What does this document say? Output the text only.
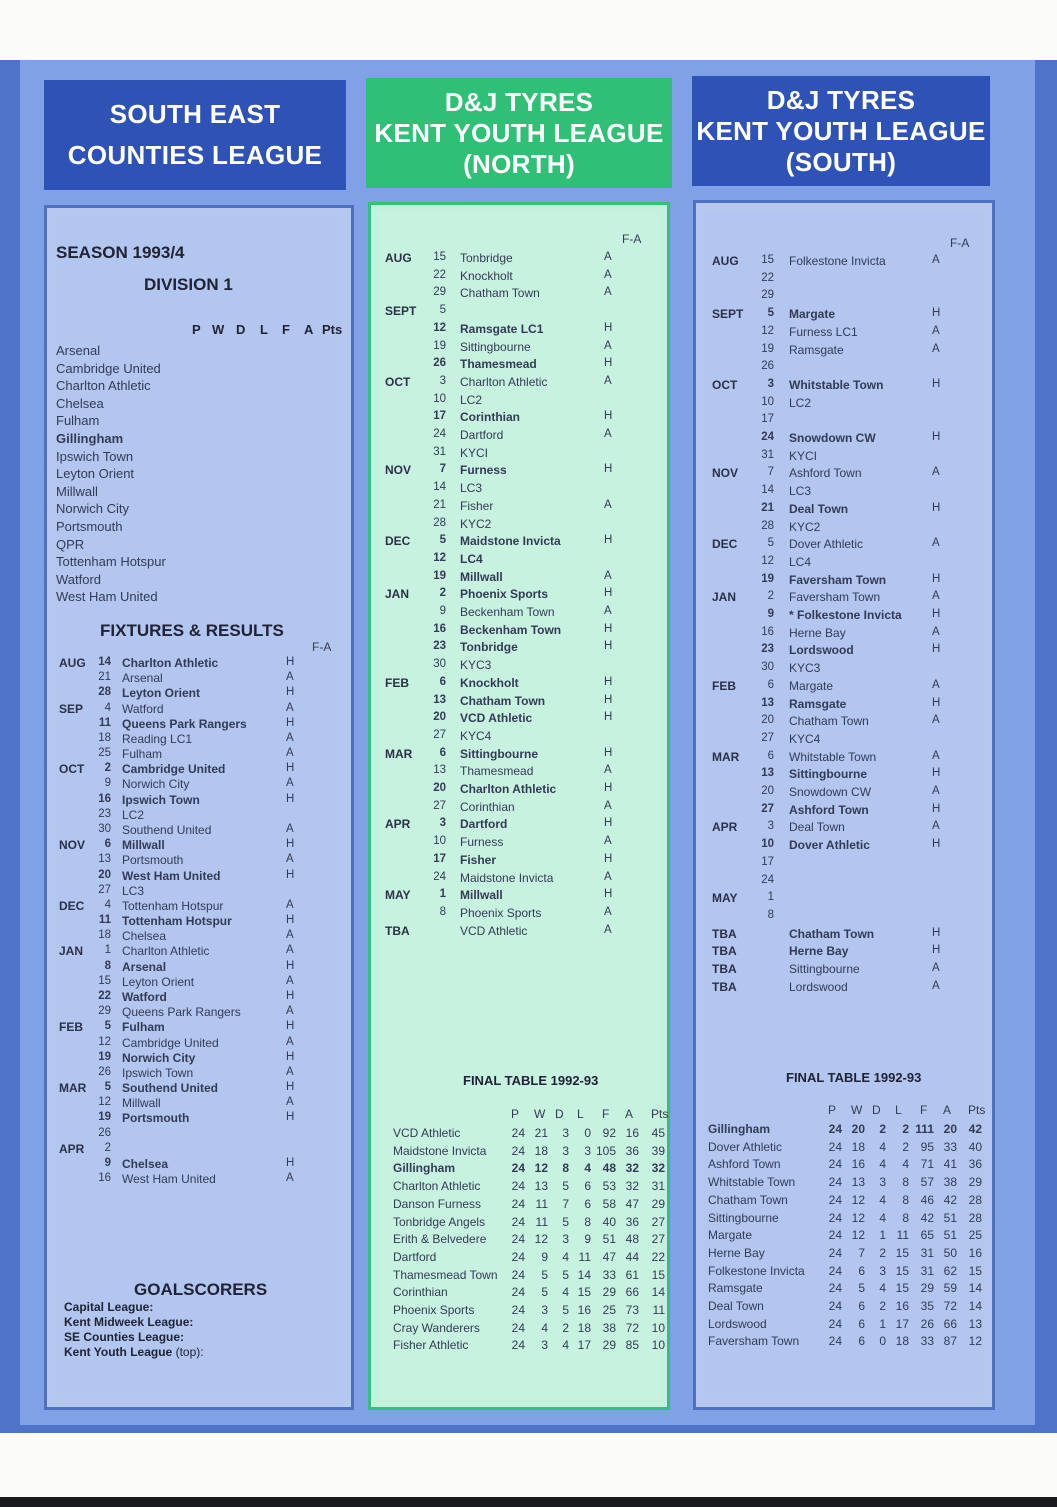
SOUTH EAST
COUNTIES LEAGUE
D&J TYRES
KENT YOUTH LEAGUE
(NORTH)
D&J TYRES
KENT YOUTH LEAGUE
(SOUTH)
SEASON 1993/4
DIVISION 1
P W D L F A Pts
Arsenal
Cambridge United
Charlton Athletic
Chelsea
Fulham
Gillingham
Ipswich Town
Leyton Orient
Millwall
Norwich City
Portsmouth
QPR
Tottenham Hotspur
Watford
West Ham United
FIXTURES & RESULTS
F-A
AUG	14 Charlton Athletic	H
21 Arsenal	A
28 Leyton Orient	H
SEP	4 Watford	A
11 Queens Park Rangers	H
18 Reading LC1	A
25 Fulham	A
OCT	2 Cambridge United	H
9 Norwich City	A
16 Ipswich Town	H
23 LC2
30 Southend United	A
NOV	6 Millwall	H
13 Portsmouth	A
20 West Ham United	H
27 LC3
DEC	4 Tottenham Hotspur	A
11 Tottenham Hotspur	H
18 Chelsea	A
JAN	1 Charlton Athletic	A
8 Arsenal	H
15 Leyton Orient	A
22 Watford	H
29 Queens Park Rangers	A
FEB	5 Fulham	H
12 Cambridge United	A
19 Norwich City	H
26 Ipswich Town	A
MAR	5 Southend United	H
12 Millwall	A
19 Portsmouth	H
26
APR	2
9 Chelsea	H
16 West Ham United	A
GOALSCORERS
Capital League:
Kent Midweek League:
SE Counties League:
Kent Youth League (top):
F-A
AUG	15 Tonbridge	A
22 Knockholt	A
29 Chatham Town	A
SEPT	5
12 Ramsgate LC1	H
19 Sittingbourne	A
26 Thamesmead	H
OCT	3 Charlton Athletic	A
10 LC2
17 Corinthian	H
24 Dartford	A
31 KYCI
NOV	7 Furness	H
14 LC3
21 Fisher	A
28 KYC2
DEC	5 Maidstone Invicta	H
12 LC4
19 Millwall	A
JAN	2 Phoenix Sports	H
9 Beckenham Town	A
16 Beckenham Town	H
23 Tonbridge	H
30 KYC3
FEB	6 Knockholt	H
13 Chatham Town	H
20 VCD Athletic	H
27 KYC4
MAR	6 Sittingbourne	H
13 Thamesmead	A
20 Charlton Athletic	H
27 Corinthian	A
APR	3 Dartford	H
10 Furness	A
17 Fisher	H
24 Maidstone Invicta	A
MAY	1 Millwall	H
8 Phoenix Sports	A
TBA	VCD Athletic	A
FINAL TABLE 1992-93
P W D L F A Pts
VCD Athletic	24 21	3	0 92 16	45
Maidstone Invicta	24 18	3	3 105 36	39
Gillingham	24 12	8	4 48 32	32
Charlton Athletic	24 13	5	6 53 32	31
Danson Furness	24 11	7	6 58 47	29
Tonbridge Angels	24 11	5	8 40 36	27
Erith & Belvedere	24 12	3	9 51 48	27
Dartford	24	9	4 11 47 44	22
Thamesmead Town	24	5	5 14 33 61	15
Corinthian	24	5	4 15 29 66	14
Phoenix Sports	24	3	5 16 25 73	11
Cray Wanderers	24	4	2 18 38 72	10
Fisher Athletic	24	3	4 17 29 85	10
F-A
AUG	15 Folkestone Invicta	A
22
29
SEPT	5 Margate	H
12 Furness LC1	A
19 Ramsgate	A
26
OCT	3 Whitstable Town	H
10 LC2
17
24 Snowdown CW	H
31 KYCI
NOV	7 Ashford Town	A
14 LC3
21 Deal Town	H
28 KYC2
DEC	5 Dover Athletic	A
12 LC4
19 Faversham Town	H
JAN	2 Faversham Town	A
9 * Folkestone Invicta	H
16 Herne Bay	A
23 Lordswood	H
30 KYC3
FEB	6 Margate	A
13 Ramsgate	H
20 Chatham Town	A
27 KYC4
MAR	6 Whitstable Town	A
13 Sittingbourne	H
20 Snowdown CW	A
27 Ashford Town	H
APR	3 Deal Town	A
10 Dover Athletic	H
17
24
MAY	1
8
TBA	Chatham Town	H
TBA	Herne Bay	H
TBA	Sittingbourne	A
TBA	Lordswood	A
FINAL TABLE 1992-93
P W D L F A Pts
Gillingham	24 20	2	2 111 20 42
Dover Athletic	24 18	4	2 95 33 40
Ashford Town	24 16	4	4 71 41 36
Whitstable Town	24 13	3	8 57 38 29
Chatham Town	24 12	4	8 46 42 28
Sittingbourne	24 12	4	8 42 51 28
Margate	24 12	1 11 65 51 25
Herne Bay	24	7	2 15 31 50 16
Folkestone Invicta	24	6	3 15 31 62 15
Ramsgate	24	5	4 15 29 59 14
Deal Town	24	6	2 16 35 72 14
Lordswood	24	6	1 17 26 66 13
Faversham Town	24	6	0 18 33 87 12
